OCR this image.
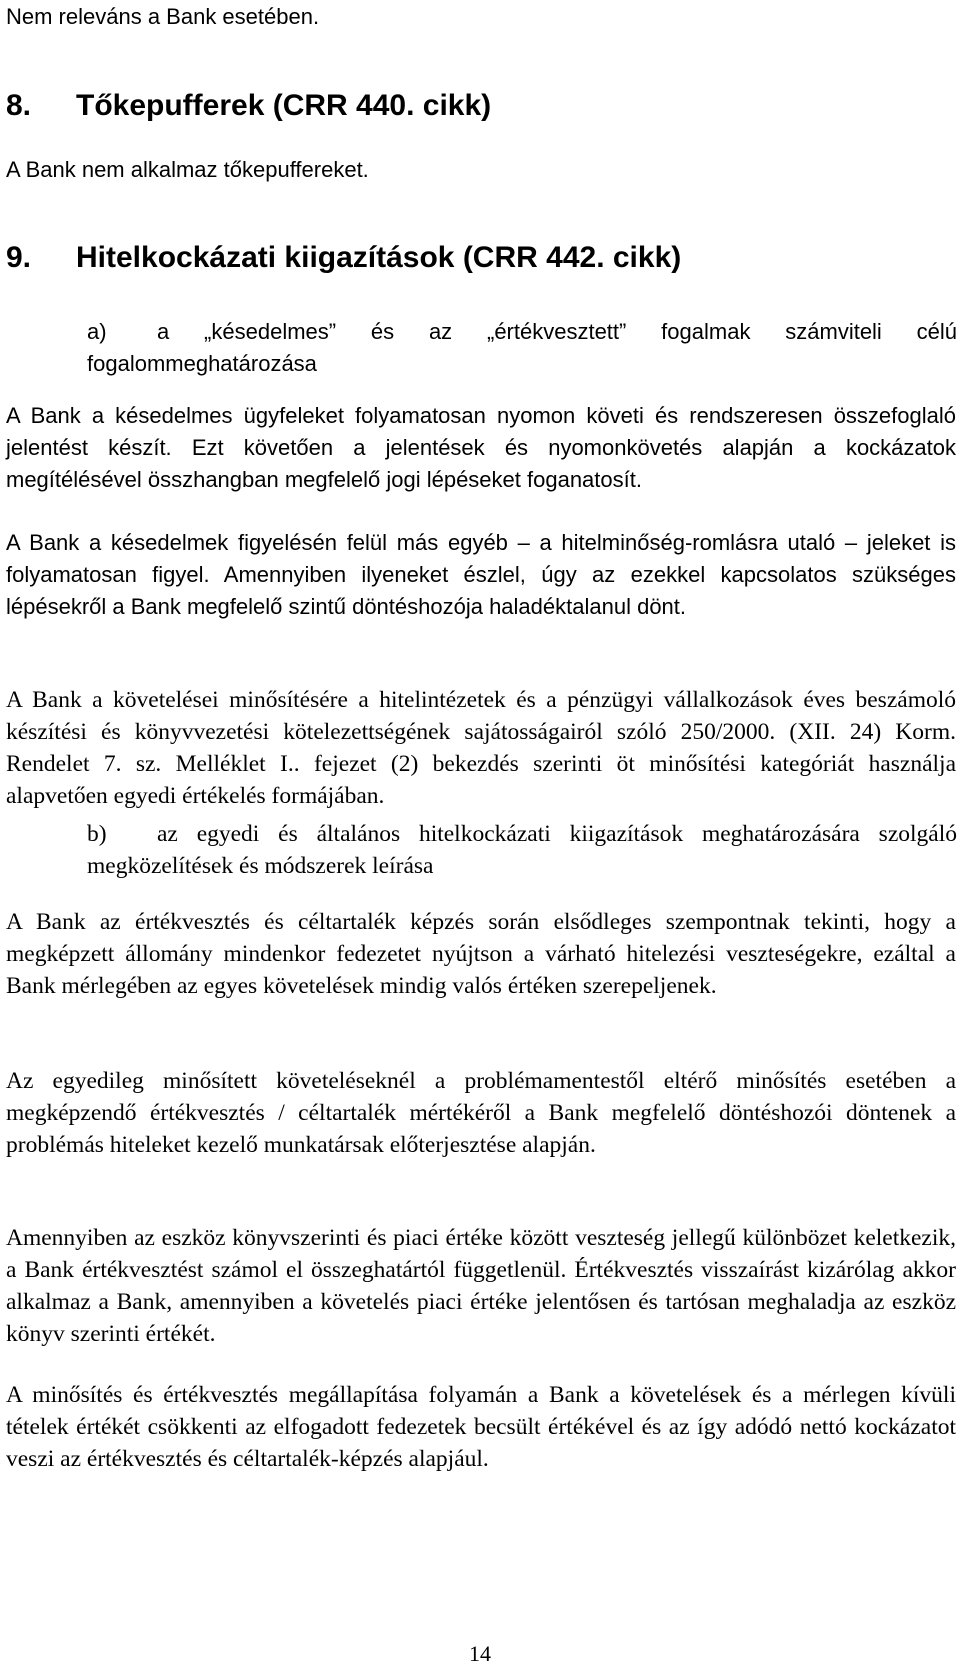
Nem releváns a Bank esetében.
8. Tőkepufferek (CRR 440. cikk)
A Bank nem alkalmaz tőkepuffereket.
9. Hitelkockázati kiigazítások (CRR 442. cikk)
a) a „késedelmes” és az „értékvesztett” fogalmak számviteli célú fogalommeghatározása
A Bank a késedelmes ügyfeleket folyamatosan nyomon követi és rendszeresen összefoglaló jelentést készít. Ezt követően a jelentések és nyomonkövetés alapján a kockázatok megítélésével összhangban megfelelő jogi lépéseket foganatosít.
A Bank a késedelmek figyelésén felül más egyéb – a hitelminőség-romlásra utaló – jeleket is folyamatosan figyel. Amennyiben ilyeneket észlel, úgy az ezekkel kapcsolatos szükséges lépésekről a Bank megfelelő szintű döntéshozója haladéktalanul dönt.
A Bank a követelései minősítésére a hitelintézetek és a pénzügyi vállalkozások éves beszámoló készítési és könyvvezetési kötelezettségének sajátosságairól szóló 250/2000. (XII. 24) Korm. Rendelet 7. sz. Melléklet I.. fejezet (2) bekezdés szerinti öt minősítési kategóriát használja alapvetően egyedi értékelés formájában.
b) az egyedi és általános hitelkockázati kiigazítások meghatározására szolgáló megközelítések és módszerek leírása
A Bank az értékvesztés és céltartalék képzés során elsődleges szempontnak tekinti, hogy a megképzett állomány mindenkor fedezetet nyújtson a várható hitelezési veszteségekre, ezáltal a Bank mérlegében az egyes követelések mindig valós értéken szerepeljenek.
Az egyedileg minősített követeléseknél a problémamentestől eltérő minősítés esetében a megképzendő értékvesztés / céltartalék mértékéről a Bank megfelelő döntéshozói döntenek a problémás hiteleket kezelő munkatársak előterjesztése alapján.
Amennyiben az eszköz könyvszerinti és piaci értéke között veszteség jellegű különbözet keletkezik, a Bank értékvesztést számol el összeghatártól függetlenül. Értékvesztés visszaírást kizárólag akkor alkalmaz a Bank, amennyiben a követelés piaci értéke jelentősen és tartósan meghaladja az eszköz könyv szerinti értékét.
A minősítés és értékvesztés megállapítása folyamán a Bank a követelések és a mérlegen kívüli tételek értékét csökkenti az elfogadott fedezetek becsült értékével és az így adódó nettó kockázatot veszi az értékvesztés és céltartalék-képzés alapjául.
14
